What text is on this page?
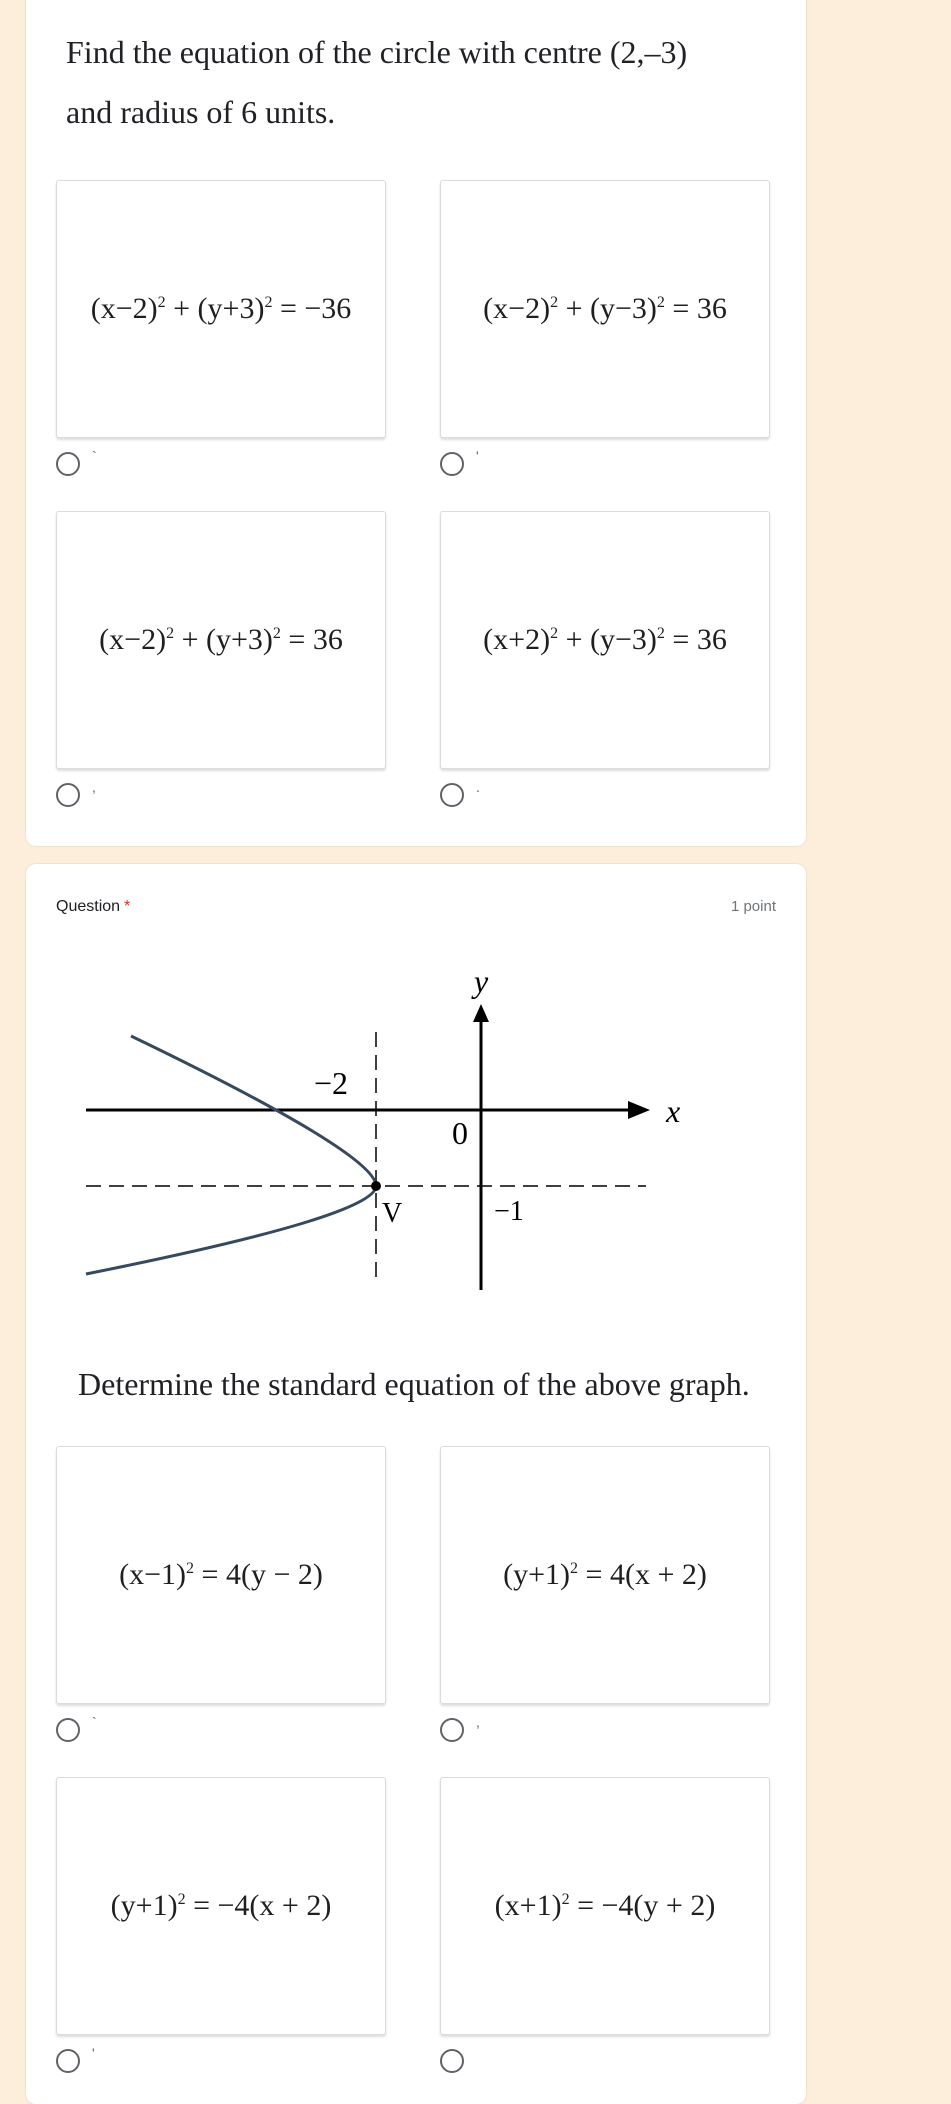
Find the equation of the circle with centre (2,–3)
and radius of 6 units.
$(x-2)^2 + (y+3)^2 = -36$	$(x-2)^2 + (y-3)^2 = 36$
`	'
$(x-2)^2 + (y+3)^2 = 36$	$(x+2)^2 + (y-3)^2 = 36$
,	.
Question *	1 point
y
x
0
−2
−1
V
Determine the standard equation of the above graph.
$(x-1)^2 = 4(y - 2)$	$(y+1)^2 = 4(x + 2)$
`	,
$(y+1)^2 = -4(x + 2)$	$(x+1)^2 = -4(y + 2)$
'
